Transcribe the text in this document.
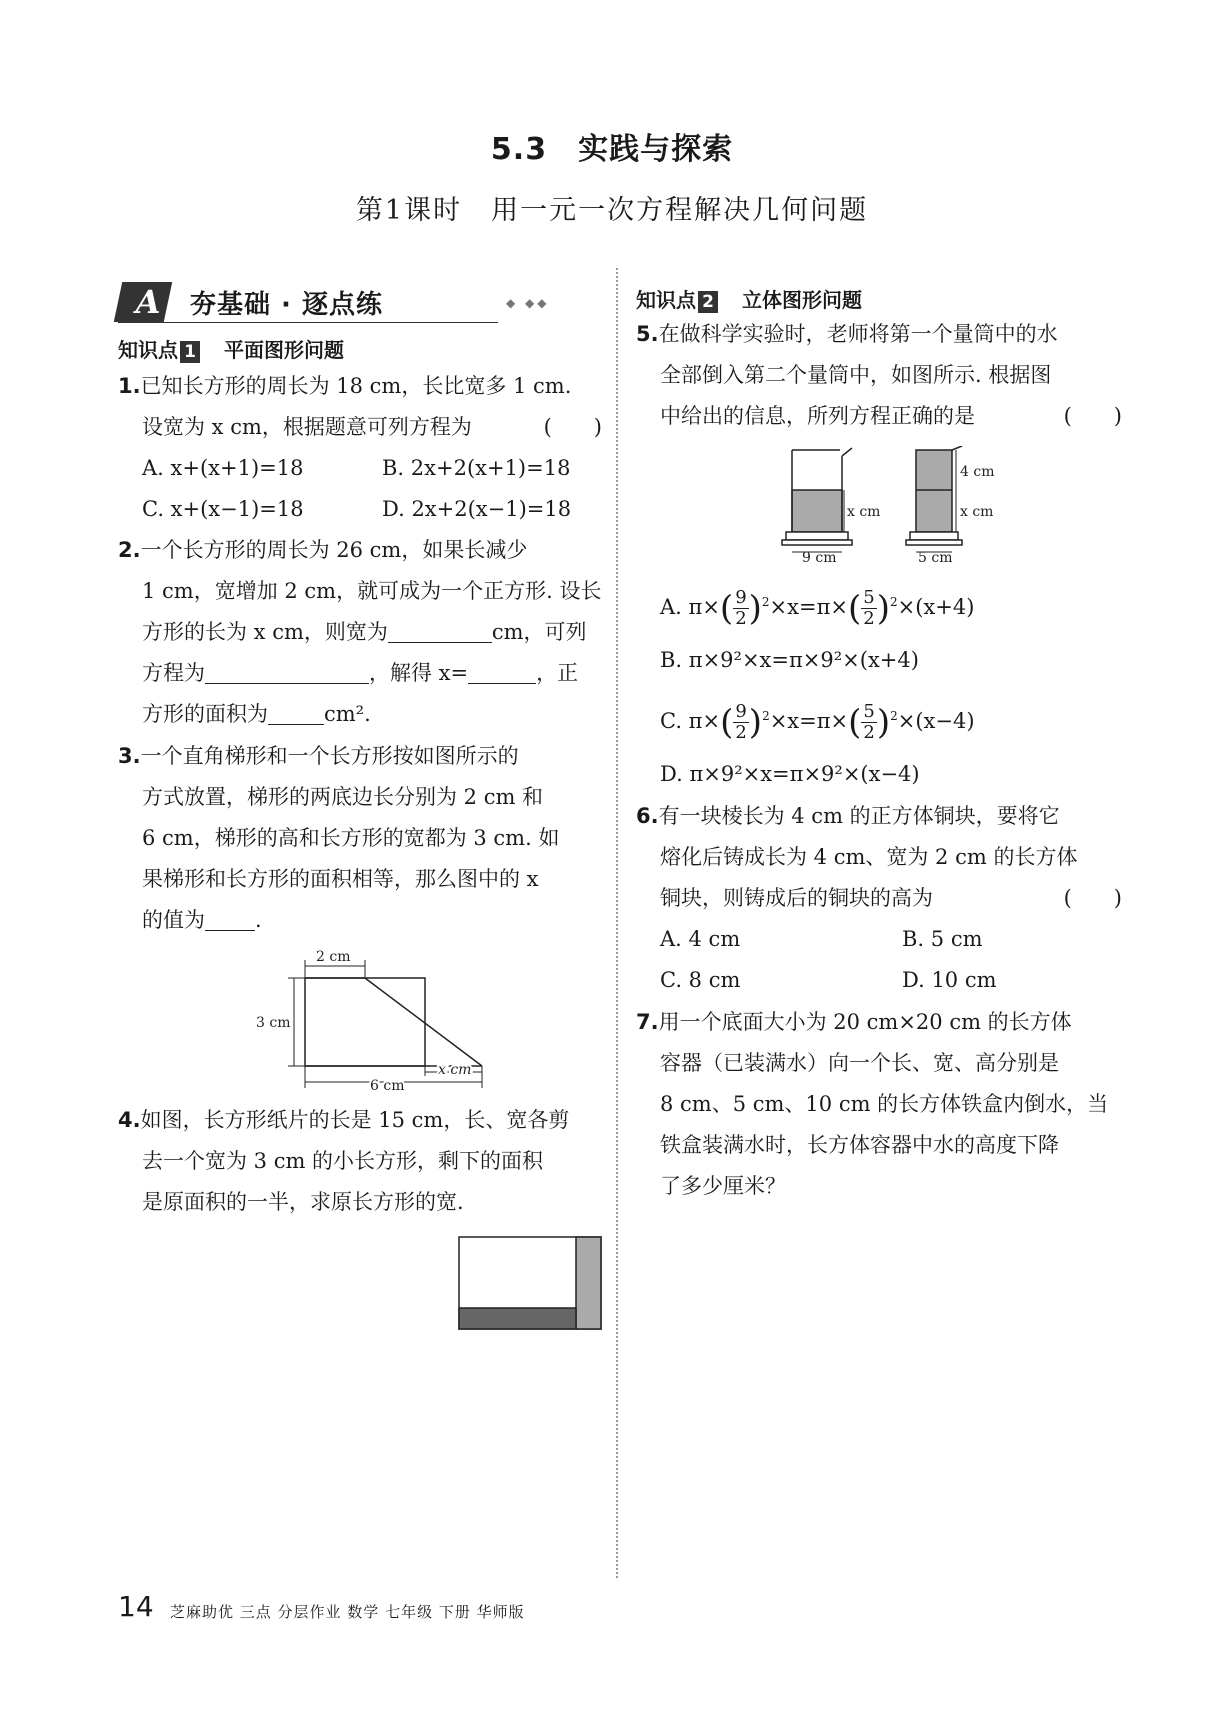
5.3　实践与探索
第1课时　用一元一次方程解决几何问题
A 夯基础 · 逐点练	◆ ◆◆
知识点 1 平面图形问题
1.已知长方形的周长为 18 cm，长比宽多 1 cm.
设宽为 x cm，根据题意可列方程为	(　　)
A. x+(x+1)=18	B. 2x+2(x+1)=18
C. x+(x−1)=18	D. 2x+2(x−1)=18
2.一个长方形的周长为 26 cm，如果长减少
1 cm，宽增加 2 cm，就可成为一个正方形. 设长
方形的长为 x cm，则宽为	cm，可列
方程为	，解得 x=	，正
方形的面积为	cm².
3.一个直角梯形和一个长方形按如图所示的
方式放置，梯形的两底边长分别为 2 cm 和
6 cm，梯形的高和长方形的宽都为 3 cm. 如
果梯形和长方形的面积相等，那么图中的 x
的值为 .
2 cm
3 cm
6 cm
x cm
4.如图，长方形纸片的长是 15 cm，长、宽各剪
去一个宽为 3 cm 的小长方形，剩下的面积
是原面积的一半，求原长方形的宽.
知识点 2 立体图形问题
5.在做科学实验时，老师将第一个量筒中的水
全部倒入第二个量筒中，如图所示. 根据图
中给出的信息，所列方程正确的是	(　　)
x cm
9 cm
4 cm
x cm
5 cm
A. $\pi\times( \frac{9}{2} )^2\times x=\pi\times( \frac{5}{2} )^2\times(x+4)$
B. π×9²×x=π×9²×(x+4)
C. $\pi\times( \frac{9}{2} )^2\times x=\pi\times( \frac{5}{2} )^2\times(x-4)$
D. π×9²×x=π×9²×(x−4)
6.有一块棱长为 4 cm 的正方体铜块，要将它
熔化后铸成长为 4 cm、宽为 2 cm 的长方体
铜块，则铸成后的铜块的高为	(　　)
A. 4 cm	B. 5 cm
C. 8 cm	D. 10 cm
7.用一个底面大小为 20 cm×20 cm 的长方体
容器（已装满水）向一个长、宽、高分别是
8 cm、5 cm、10 cm 的长方体铁盒内倒水，当
铁盒装满水时，长方体容器中水的高度下降
了多少厘米？
14 芝麻助优 三点 分层作业 数学 七年级 下册 华师版
